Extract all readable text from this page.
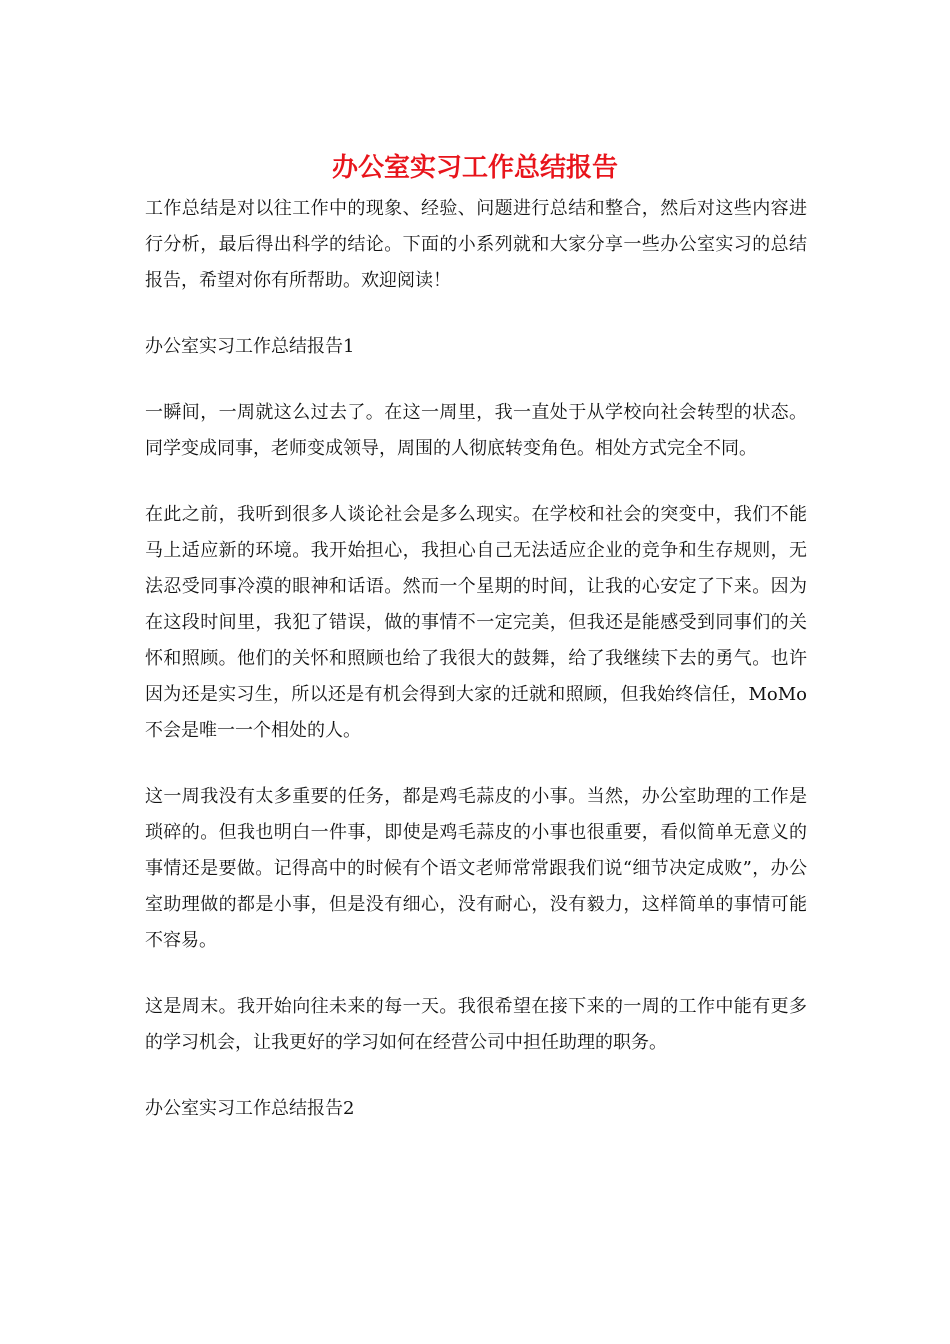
办公室实习工作总结报告

工作总结是对以往工作中的现象、经验、问题进行总结和整合，然后对这些内容进行分析，最后得出科学的结论。下面的小系列就和大家分享一些办公室实习的总结报告，希望对你有所帮助。欢迎阅读！

办公室实习工作总结报告1

一瞬间，一周就这么过去了。在这一周里，我一直处于从学校向社会转型的状态。同学变成同事，老师变成领导，周围的人彻底转变角色。相处方式完全不同。

在此之前，我听到很多人谈论社会是多么现实。在学校和社会的突变中，我们不能马上适应新的环境。我开始担心，我担心自己无法适应企业的竞争和生存规则，无法忍受同事冷漠的眼神和话语。然而一个星期的时间，让我的心安定了下来。因为在这段时间里，我犯了错误，做的事情不一定完美，但我还是能感受到同事们的关怀和照顾。他们的关怀和照顾也给了我很大的鼓舞，给了我继续下去的勇气。也许因为还是实习生，所以还是有机会得到大家的迁就和照顾，但我始终信任，MoMo不会是唯一一个相处的人。

这一周我没有太多重要的任务，都是鸡毛蒜皮的小事。当然，办公室助理的工作是琐碎的。但我也明白一件事，即使是鸡毛蒜皮的小事也很重要，看似简单无意义的事情还是要做。记得高中的时候有个语文老师常常跟我们说“细节决定成败”，办公室助理做的都是小事，但是没有细心，没有耐心，没有毅力，这样简单的事情可能不容易。

这是周末。我开始向往未来的每一天。我很希望在接下来的一周的工作中能有更多的学习机会，让我更好的学习如何在经营公司中担任助理的职务。

办公室实习工作总结报告2
